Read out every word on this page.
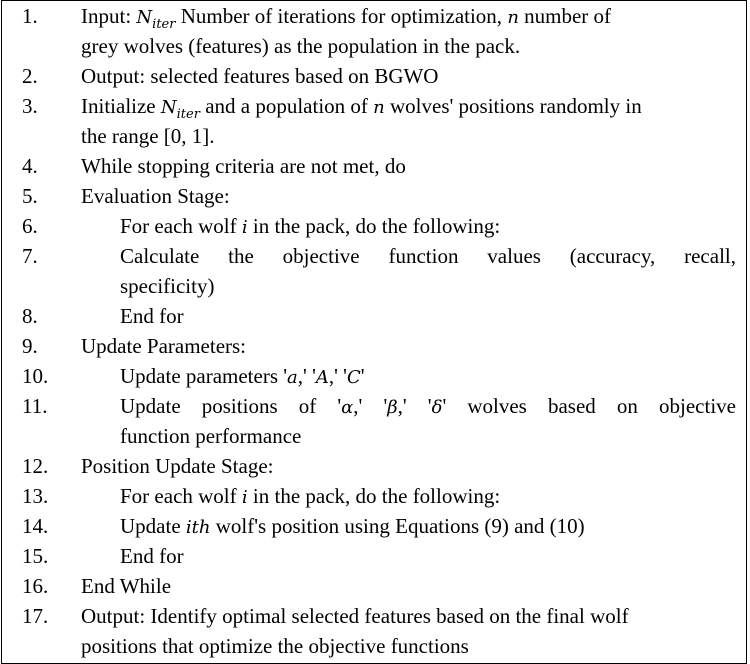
1.	Input: $N_{iter}$ Number of iterations for optimization, n number of
grey wolves (features) as the population in the pack.
2.	Output: selected features based on BGWO
3.	Initialize $N_{iter}$ and a population of n wolves' positions randomly in
the range [0, 1].
4.	While stopping criteria are not met, do
5.	Evaluation Stage:
6.	For each wolf i in the pack, do the following:
7.	Calculate the objective function values (accuracy, recall,
specificity)
8.	End for
9.	Update Parameters:
10.	Update parameters 'a,' 'A,' 'C'
11.	Update positions of 'α,' 'β,' 'δ' wolves based on objective
function performance
12.	Position Update Stage:
13.	For each wolf i in the pack, do the following:
14.	Update ith wolf's position using Equations (9) and (10)
15.	End for
16.	End While
17.	Output: Identify optimal selected features based on the final wolf
positions that optimize the objective functions
